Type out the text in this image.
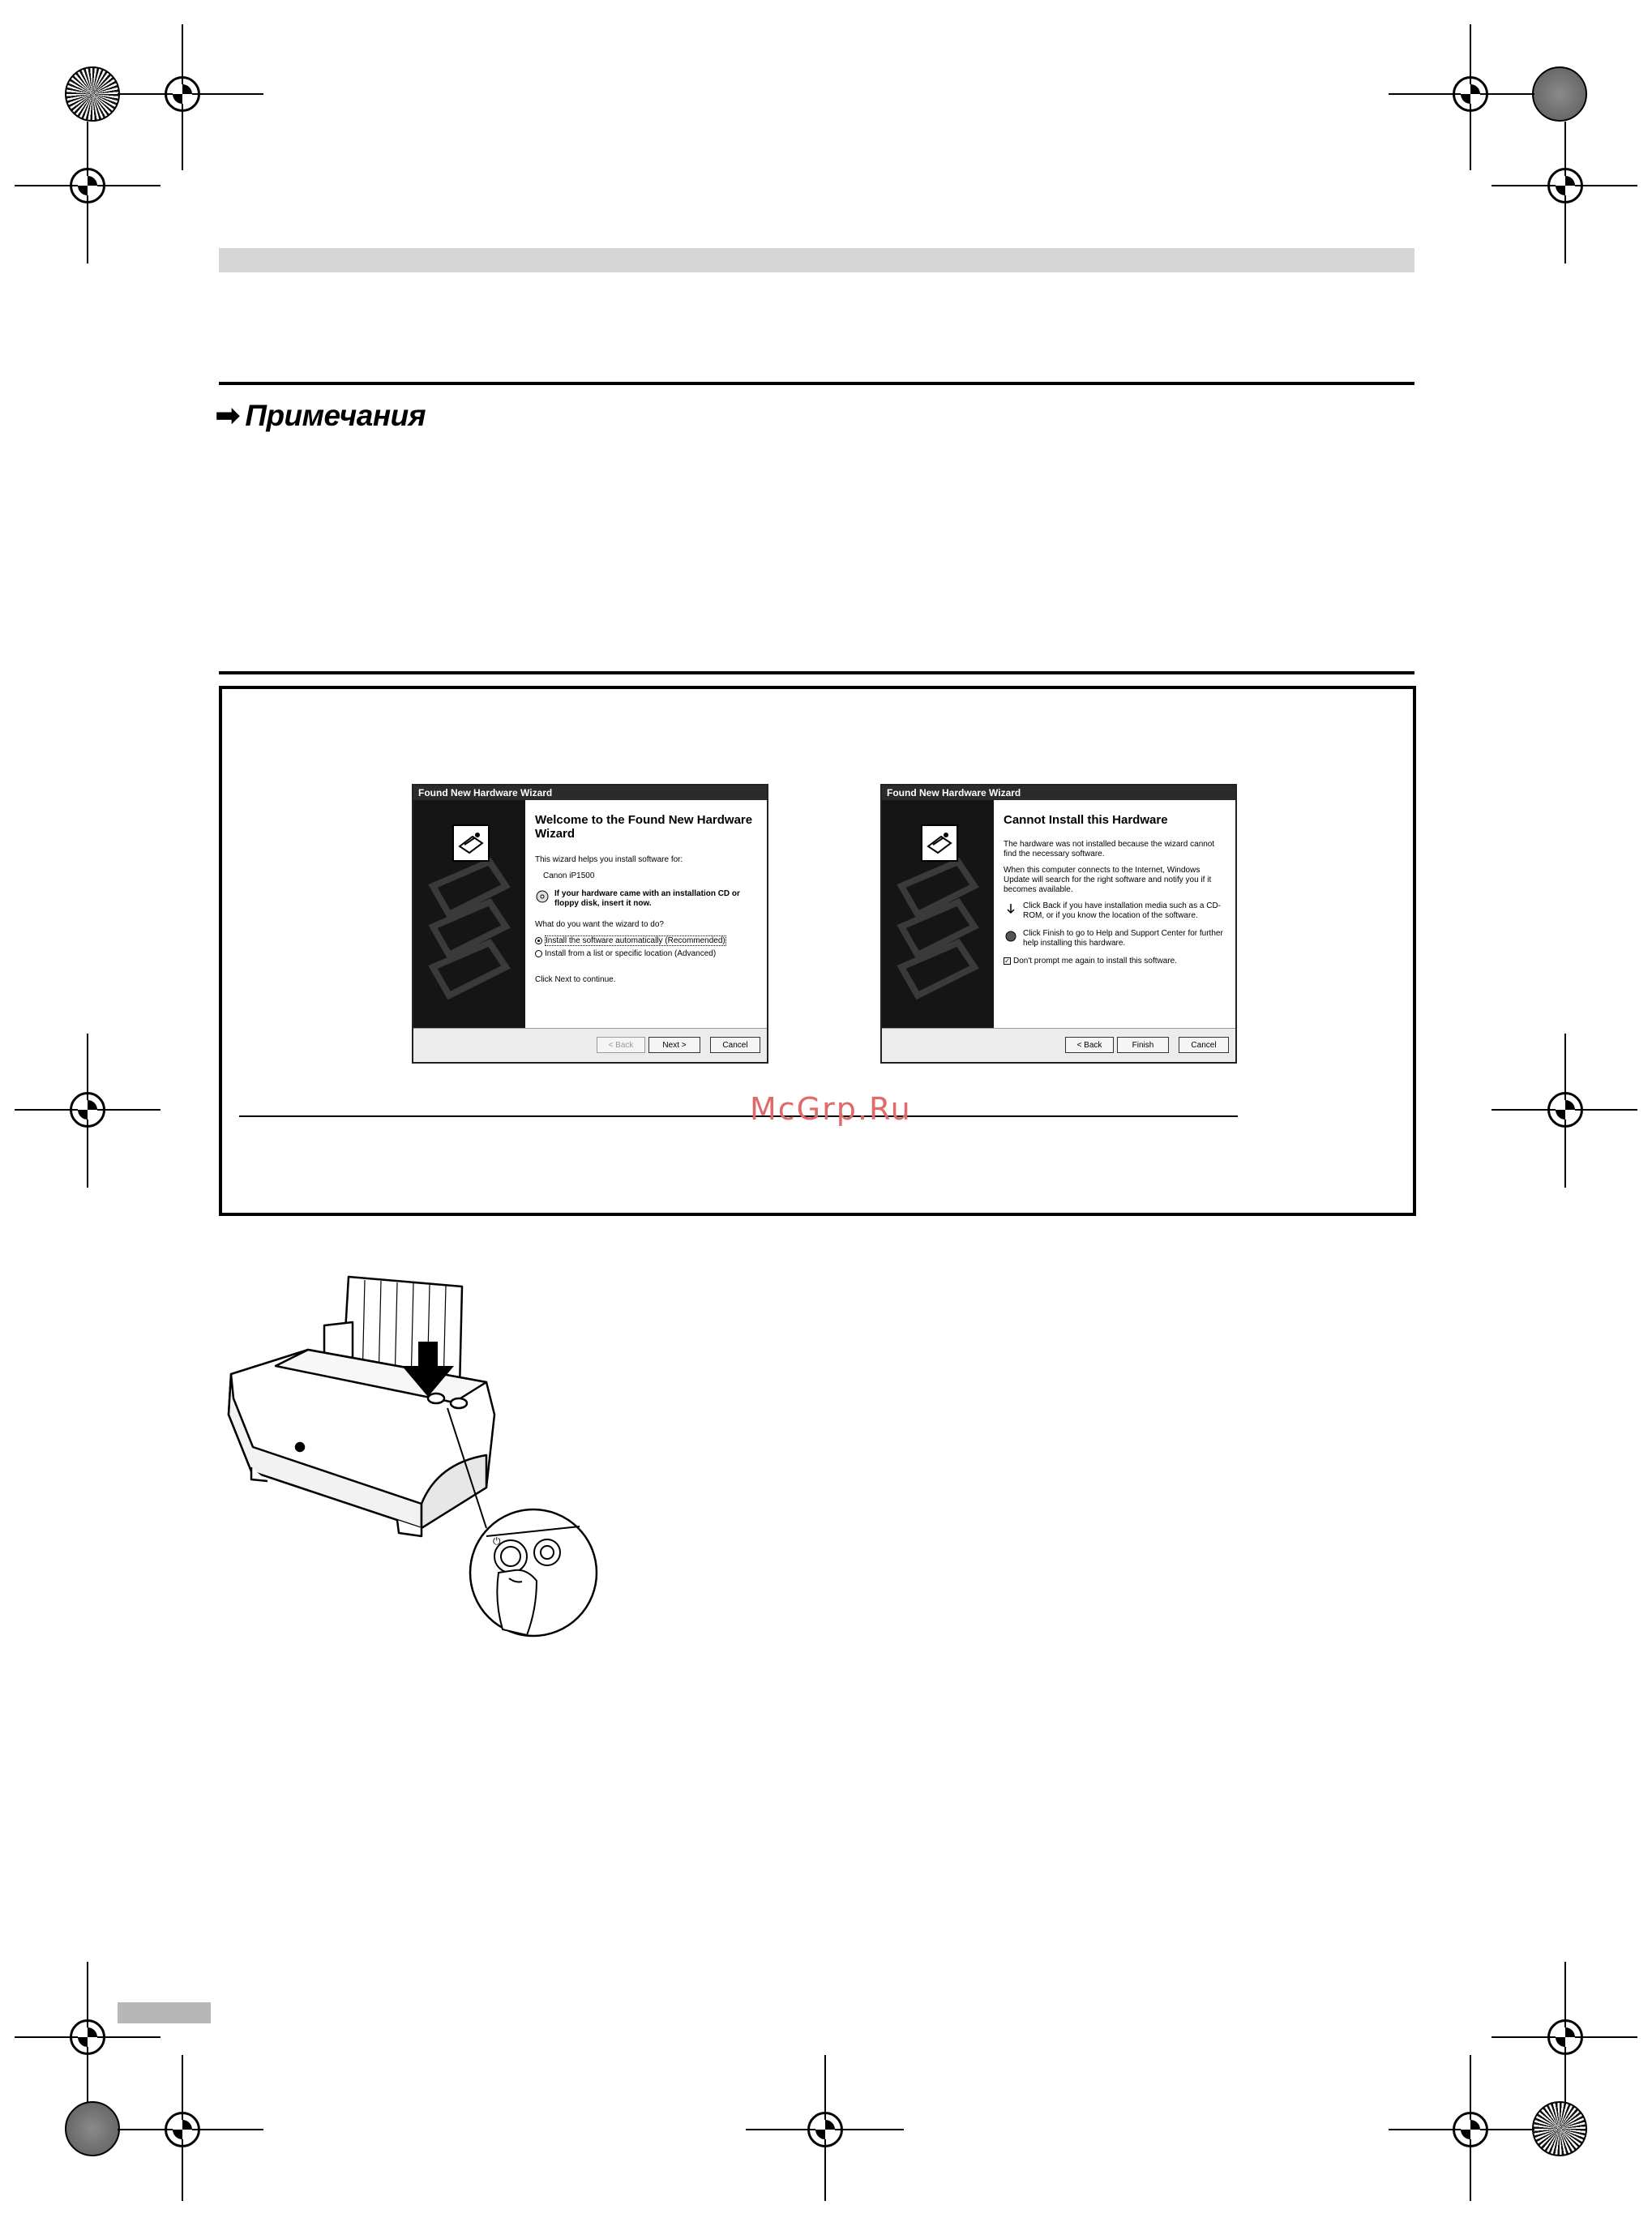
➡ Примечания
Found New Hardware Wizard
Welcome to the Found New Hardware Wizard

This wizard helps you install software for:

Canon iP1500

If your hardware came with an installation CD or floppy disk, insert it now.

What do you want the wizard to do?

Install the software automatically (Recommended)
Install from a list or specific location (Advanced)

Click Next to continue.

< Back	Next >	Cancel
Found New Hardware Wizard
Cannot Install this Hardware

The hardware was not installed because the wizard cannot find the necessary software.

When this computer connects to the Internet, Windows Update will search for the right software and notify you if it becomes available.

Click Back if you have installation media such as a CD-ROM, or if you know the location of the software.
Click Finish to go to Help and Support Center for further help installing this hardware.
✓ Don't prompt me again to install this software.
< Back	Finish	Cancel
McGrp.Ru
⏻
